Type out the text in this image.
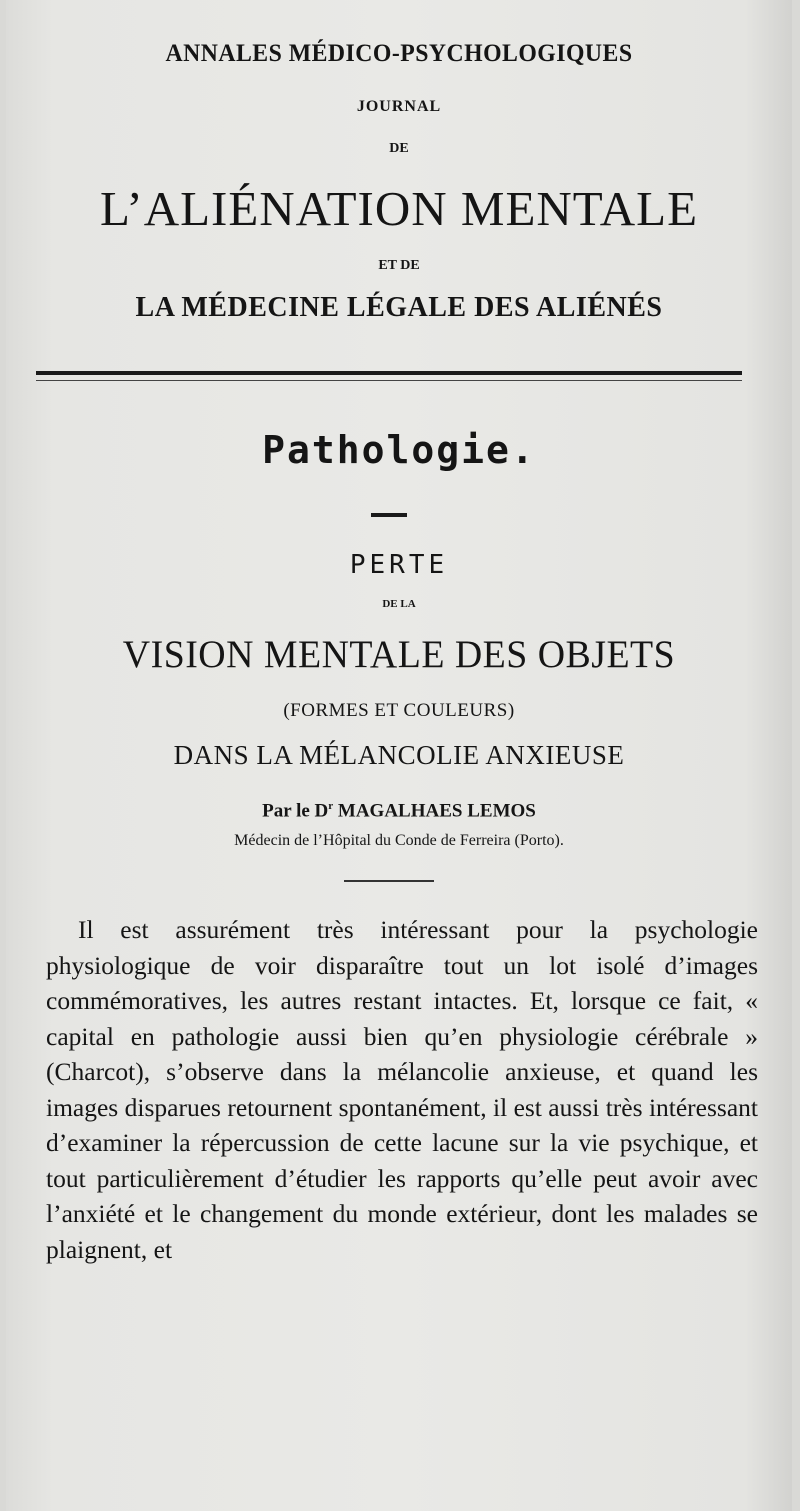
ANNALES MÉDICO-PSYCHOLOGIQUES
JOURNAL
DE
L’ALIÉNATION MENTALE
ET DE
LA MÉDECINE LÉGALE DES ALIÉNÉS
Pathologie.
PERTE
DE LA
VISION MENTALE DES OBJETS
(FORMES ET COULEURS)
DANS LA MÉLANCOLIE ANXIEUSE
Par le $D^r$ MAGALHAES LEMOS
Médecin de l’Hôpital du Conde de Ferreira (Porto).

Il est assurément très intéressant pour la psychologie physiologique de voir disparaître tout un lot isolé d’images commémoratives, les autres restant intactes. Et, lorsque ce fait, « capital en pathologie aussi bien qu’en physiologie cérébrale » (Charcot), s’observe dans la mélancolie anxieuse, et quand les images disparues retournent spontanément, il est aussi très intéressant d’examiner la répercussion de cette lacune sur la vie psychique, et tout particulièrement d’étudier les rapports qu’elle peut avoir avec l’anxiété et le changement du monde extérieur, dont les malades se plaignent, et
